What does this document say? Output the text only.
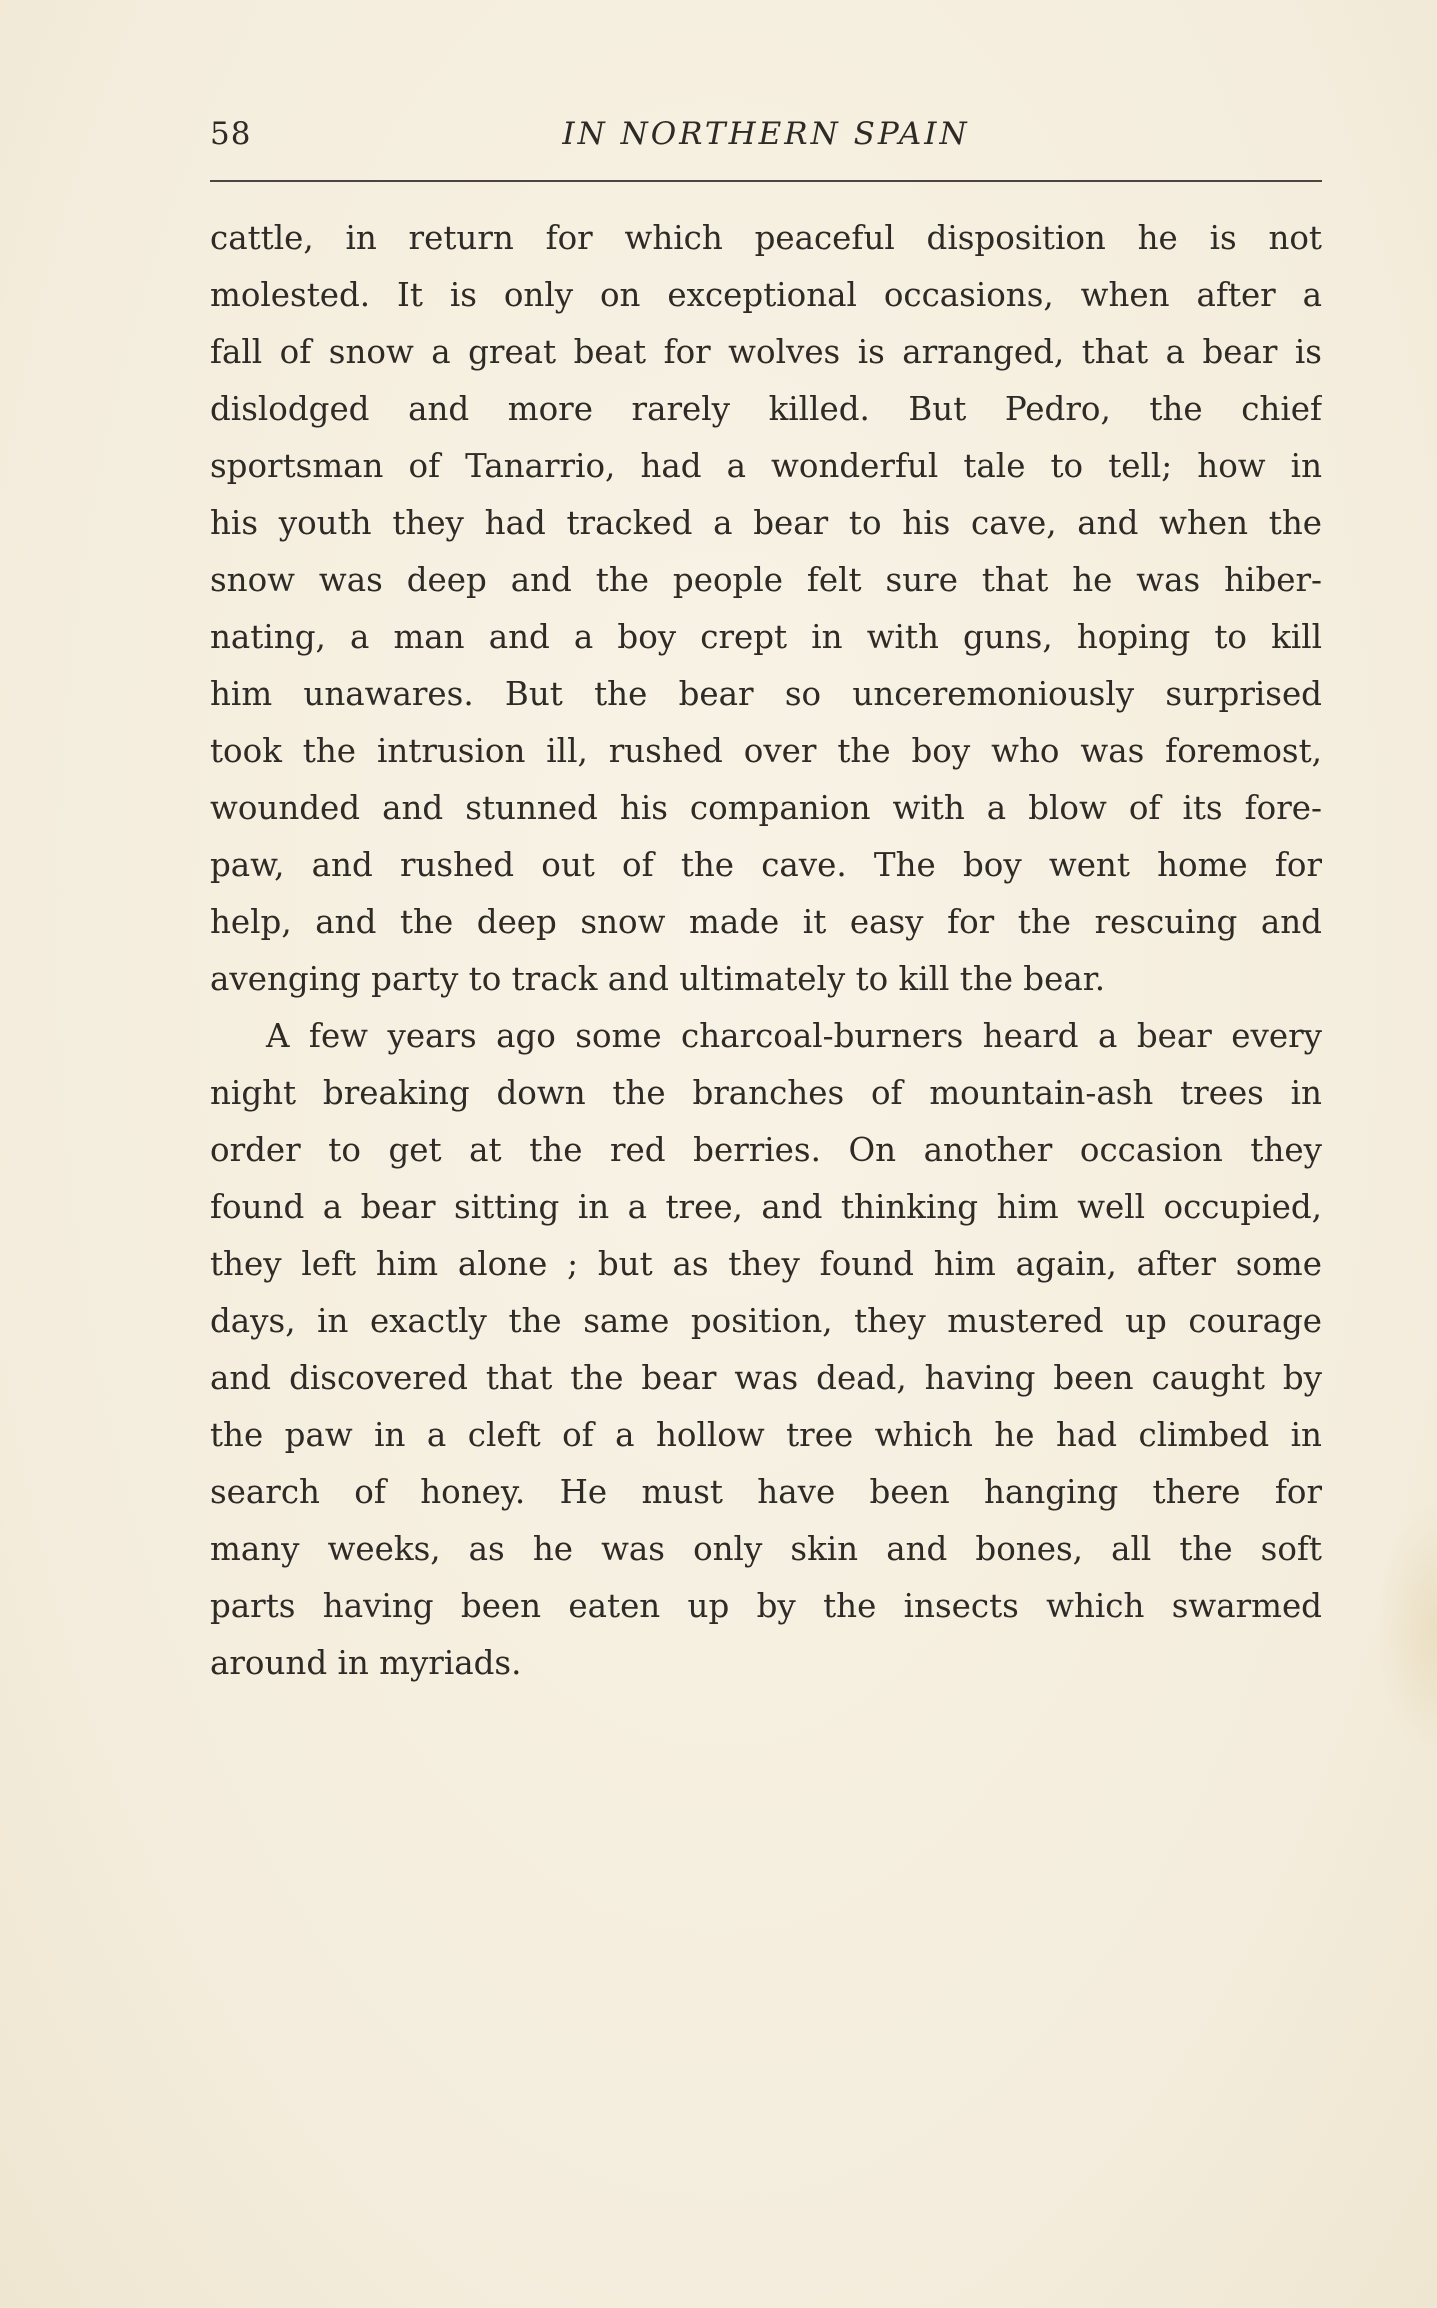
58	IN NORTHERN SPAIN
cattle, in return for which peaceful disposition he is not
molested. It is only on exceptional occasions, when after a
fall of snow a great beat for wolves is arranged, that a bear is
dislodged and more rarely killed. But Pedro, the chief
sportsman of Tanarrio, had a wonderful tale to tell; how in
his youth they had tracked a bear to his cave, and when the
snow was deep and the people felt sure that he was hiber-
nating, a man and a boy crept in with guns, hoping to kill
him unawares. But the bear so unceremoniously surprised
took the intrusion ill, rushed over the boy who was foremost,
wounded and stunned his companion with a blow of its fore-
paw, and rushed out of the cave. The boy went home for
help, and the deep snow made it easy for the rescuing and
avenging party to track and ultimately to kill the bear.
A few years ago some charcoal-burners heard a bear every
night breaking down the branches of mountain-ash trees in
order to get at the red berries. On another occasion they
found a bear sitting in a tree, and thinking him well occupied,
they left him alone ; but as they found him again, after some
days, in exactly the same position, they mustered up courage
and discovered that the bear was dead, having been caught by
the paw in a cleft of a hollow tree which he had climbed in
search of honey. He must have been hanging there for
many weeks, as he was only skin and bones, all the soft
parts having been eaten up by the insects which swarmed
around in myriads.
